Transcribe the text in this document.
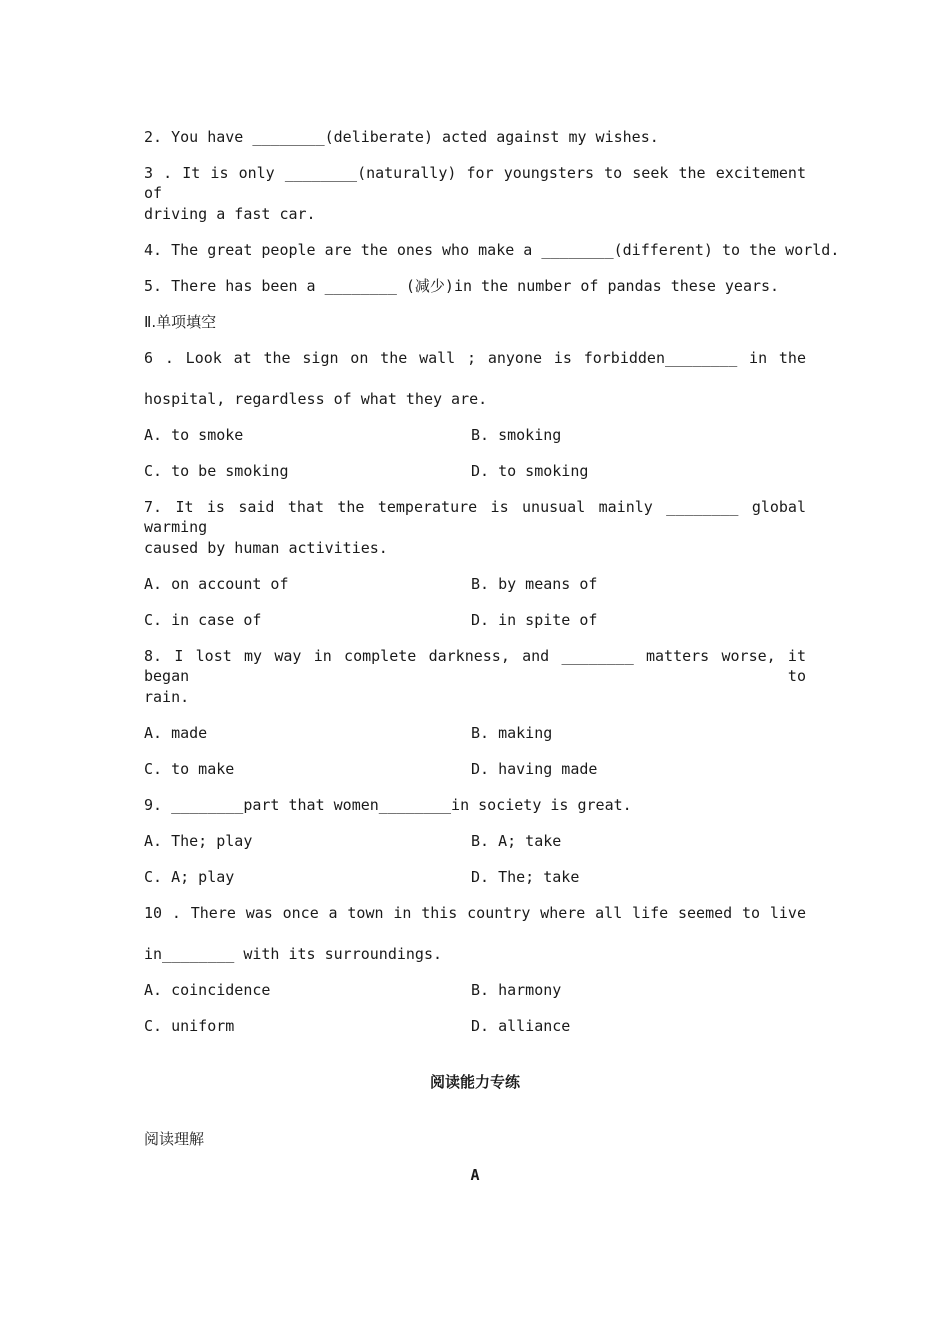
2. You have ________(deliberate) acted against my wishes.
3 . It is only ________(naturally) for youngsters to seek the excitement of
driving a fast car.
4. The great people are the ones who make a ________(different) to the world.
5. There has been a ________ (减少)in the number of pandas these years.
Ⅱ.单项填空
6 . Look at the sign on the wall ; anyone is forbidden________ in the
hospital, regardless of what they are.
A. to smoke	B. smoking
C. to be smoking	D. to smoking
7. It is said that the temperature is unusual mainly ________ global warming
caused by human activities.
A. on account of	B. by means of
C. in case of	D. in spite of
8. I lost my way in complete darkness, and ________ matters worse, it began to
rain.
A. made	B. making
C. to make	D. having made
9. ________part that women________in society is great.
A. The; play	B. A; take
C. A; play	D. The; take
10 . There was once a town in this country where all life seemed to live
in________ with its surroundings.
A. coincidence	B. harmony
C. uniform	D. alliance
阅读能力专练
阅读理解
A
